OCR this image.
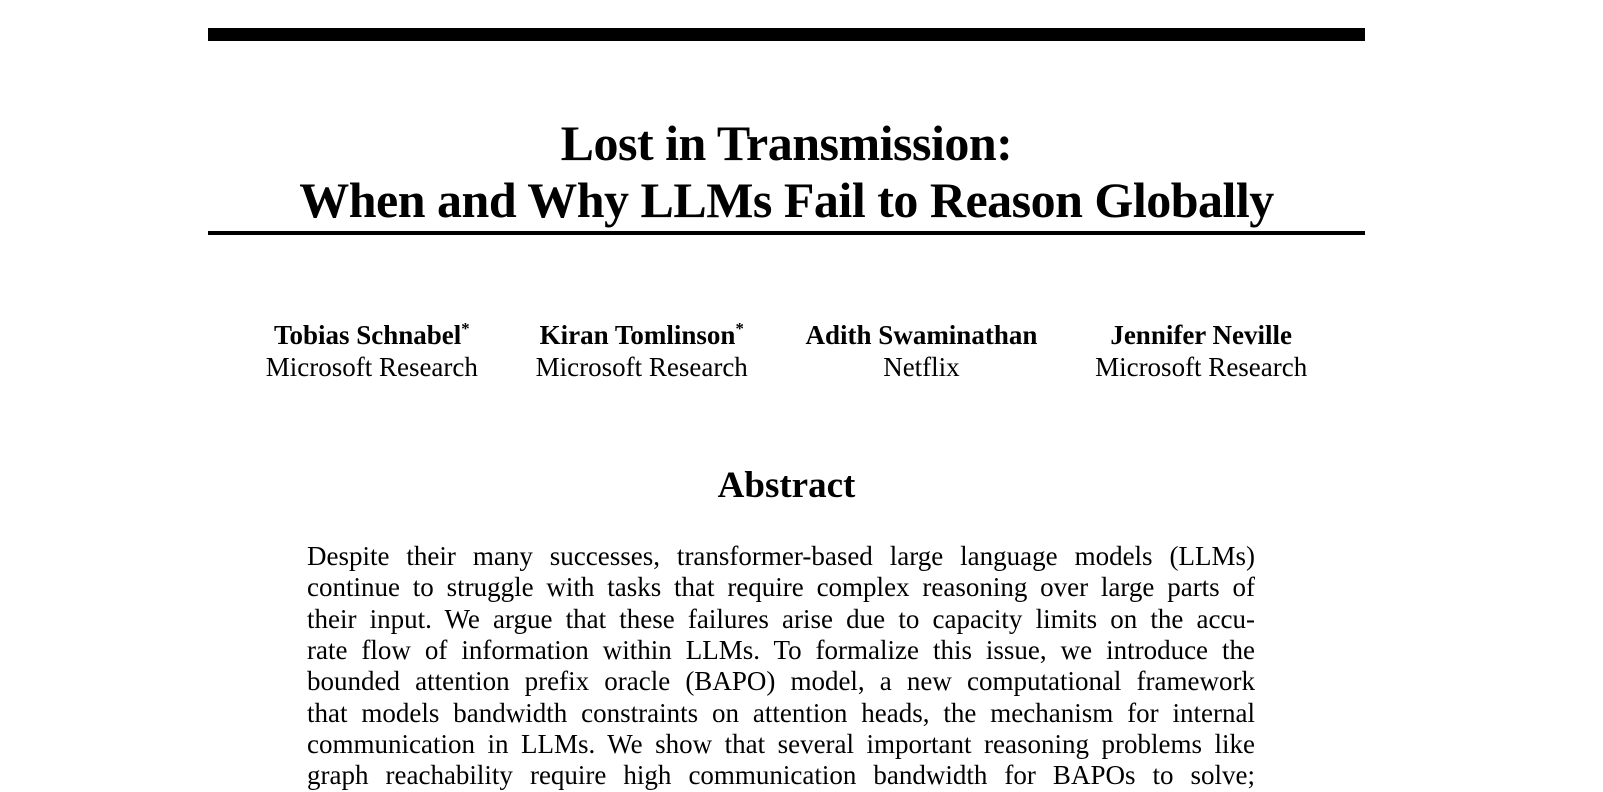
Lost in Transmission:
When and Why LLMs Fail to Reason Globally
Tobias Schnabel*
Microsoft Research
Kiran Tomlinson*
Microsoft Research
Adith Swaminathan
Netflix
Jennifer Neville
Microsoft Research
Abstract
Despite their many successes, transformer-based large language models (LLMs)
continue to struggle with tasks that require complex reasoning over large parts of
their input. We argue that these failures arise due to capacity limits on the accu-
rate flow of information within LLMs. To formalize this issue, we introduce the
bounded attention prefix oracle (BAPO) model, a new computational framework
that models bandwidth constraints on attention heads, the mechanism for internal
communication in LLMs. We show that several important reasoning problems like
graph reachability require high communication bandwidth for BAPOs to solve;
